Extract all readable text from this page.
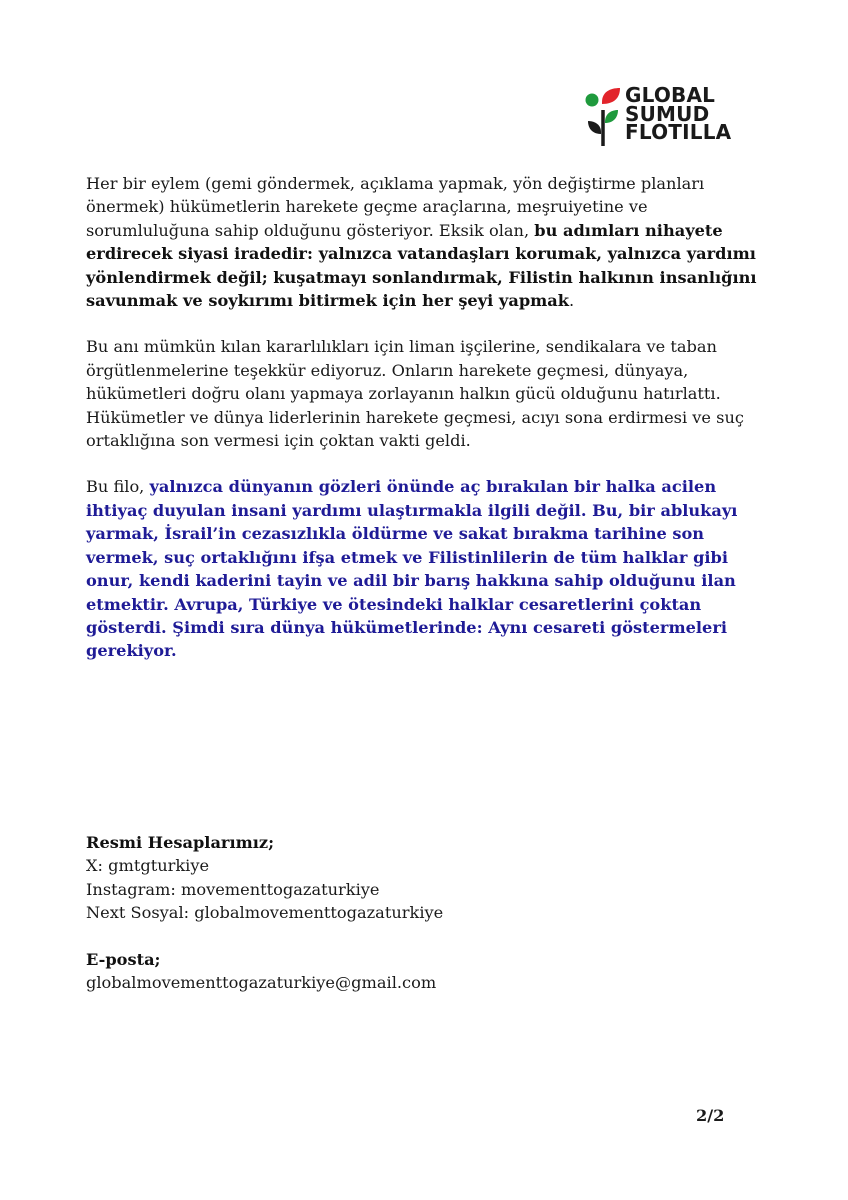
GLOBAL
SUMUD
FLOTILLA

Her bir eylem (gemi göndermek, açıklama yapmak, yön değiştirme planları önermek) hükümetlerin harekete geçme araçlarına, meşruiyetine ve sorumluluğuna sahip olduğunu gösteriyor. Eksik olan, bu adımları nihayete erdirecek siyasi iradedir: yalnızca vatandaşları korumak, yalnızca yardımı yönlendirmek değil; kuşatmayı sonlandırmak, Filistin halkının insanlığını savunmak ve soykırımı bitirmek için her şeyi yapmak.

Bu anı mümkün kılan kararlılıkları için liman işçilerine, sendikalara ve taban örgütlenmelerine teşekkür ediyoruz. Onların harekete geçmesi, dünyaya, hükümetleri doğru olanı yapmaya zorlayanın halkın gücü olduğunu hatırlattı. Hükümetler ve dünya liderlerinin harekete geçmesi, acıyı sona erdirmesi ve suç ortaklığına son vermesi için çoktan vakti geldi.

Bu filo, yalnızca dünyanın gözleri önünde aç bırakılan bir halka acilen ihtiyaç duyulan insani yardımı ulaştırmakla ilgili değil. Bu, bir ablukayı yarmak, İsrail’in cezasızlıkla öldürme ve sakat bırakma tarihine son vermek, suç ortaklığını ifşa etmek ve Filistinlilerin de tüm halklar gibi onur, kendi kaderini tayin ve adil bir barış hakkına sahip olduğunu ilan etmektir. Avrupa, Türkiye ve ötesindeki halklar cesaretlerini çoktan gösterdi. Şimdi sıra dünya hükümetlerinde: Aynı cesareti göstermeleri gerekiyor.

Resmi Hesaplarımız;
X: gmtgturkiye
Instagram: movementtogazaturkiye
Next Sosyal: globalmovementtogazaturkiye
E-posta;
globalmovementtogazaturkiye@gmail.com
2/2
